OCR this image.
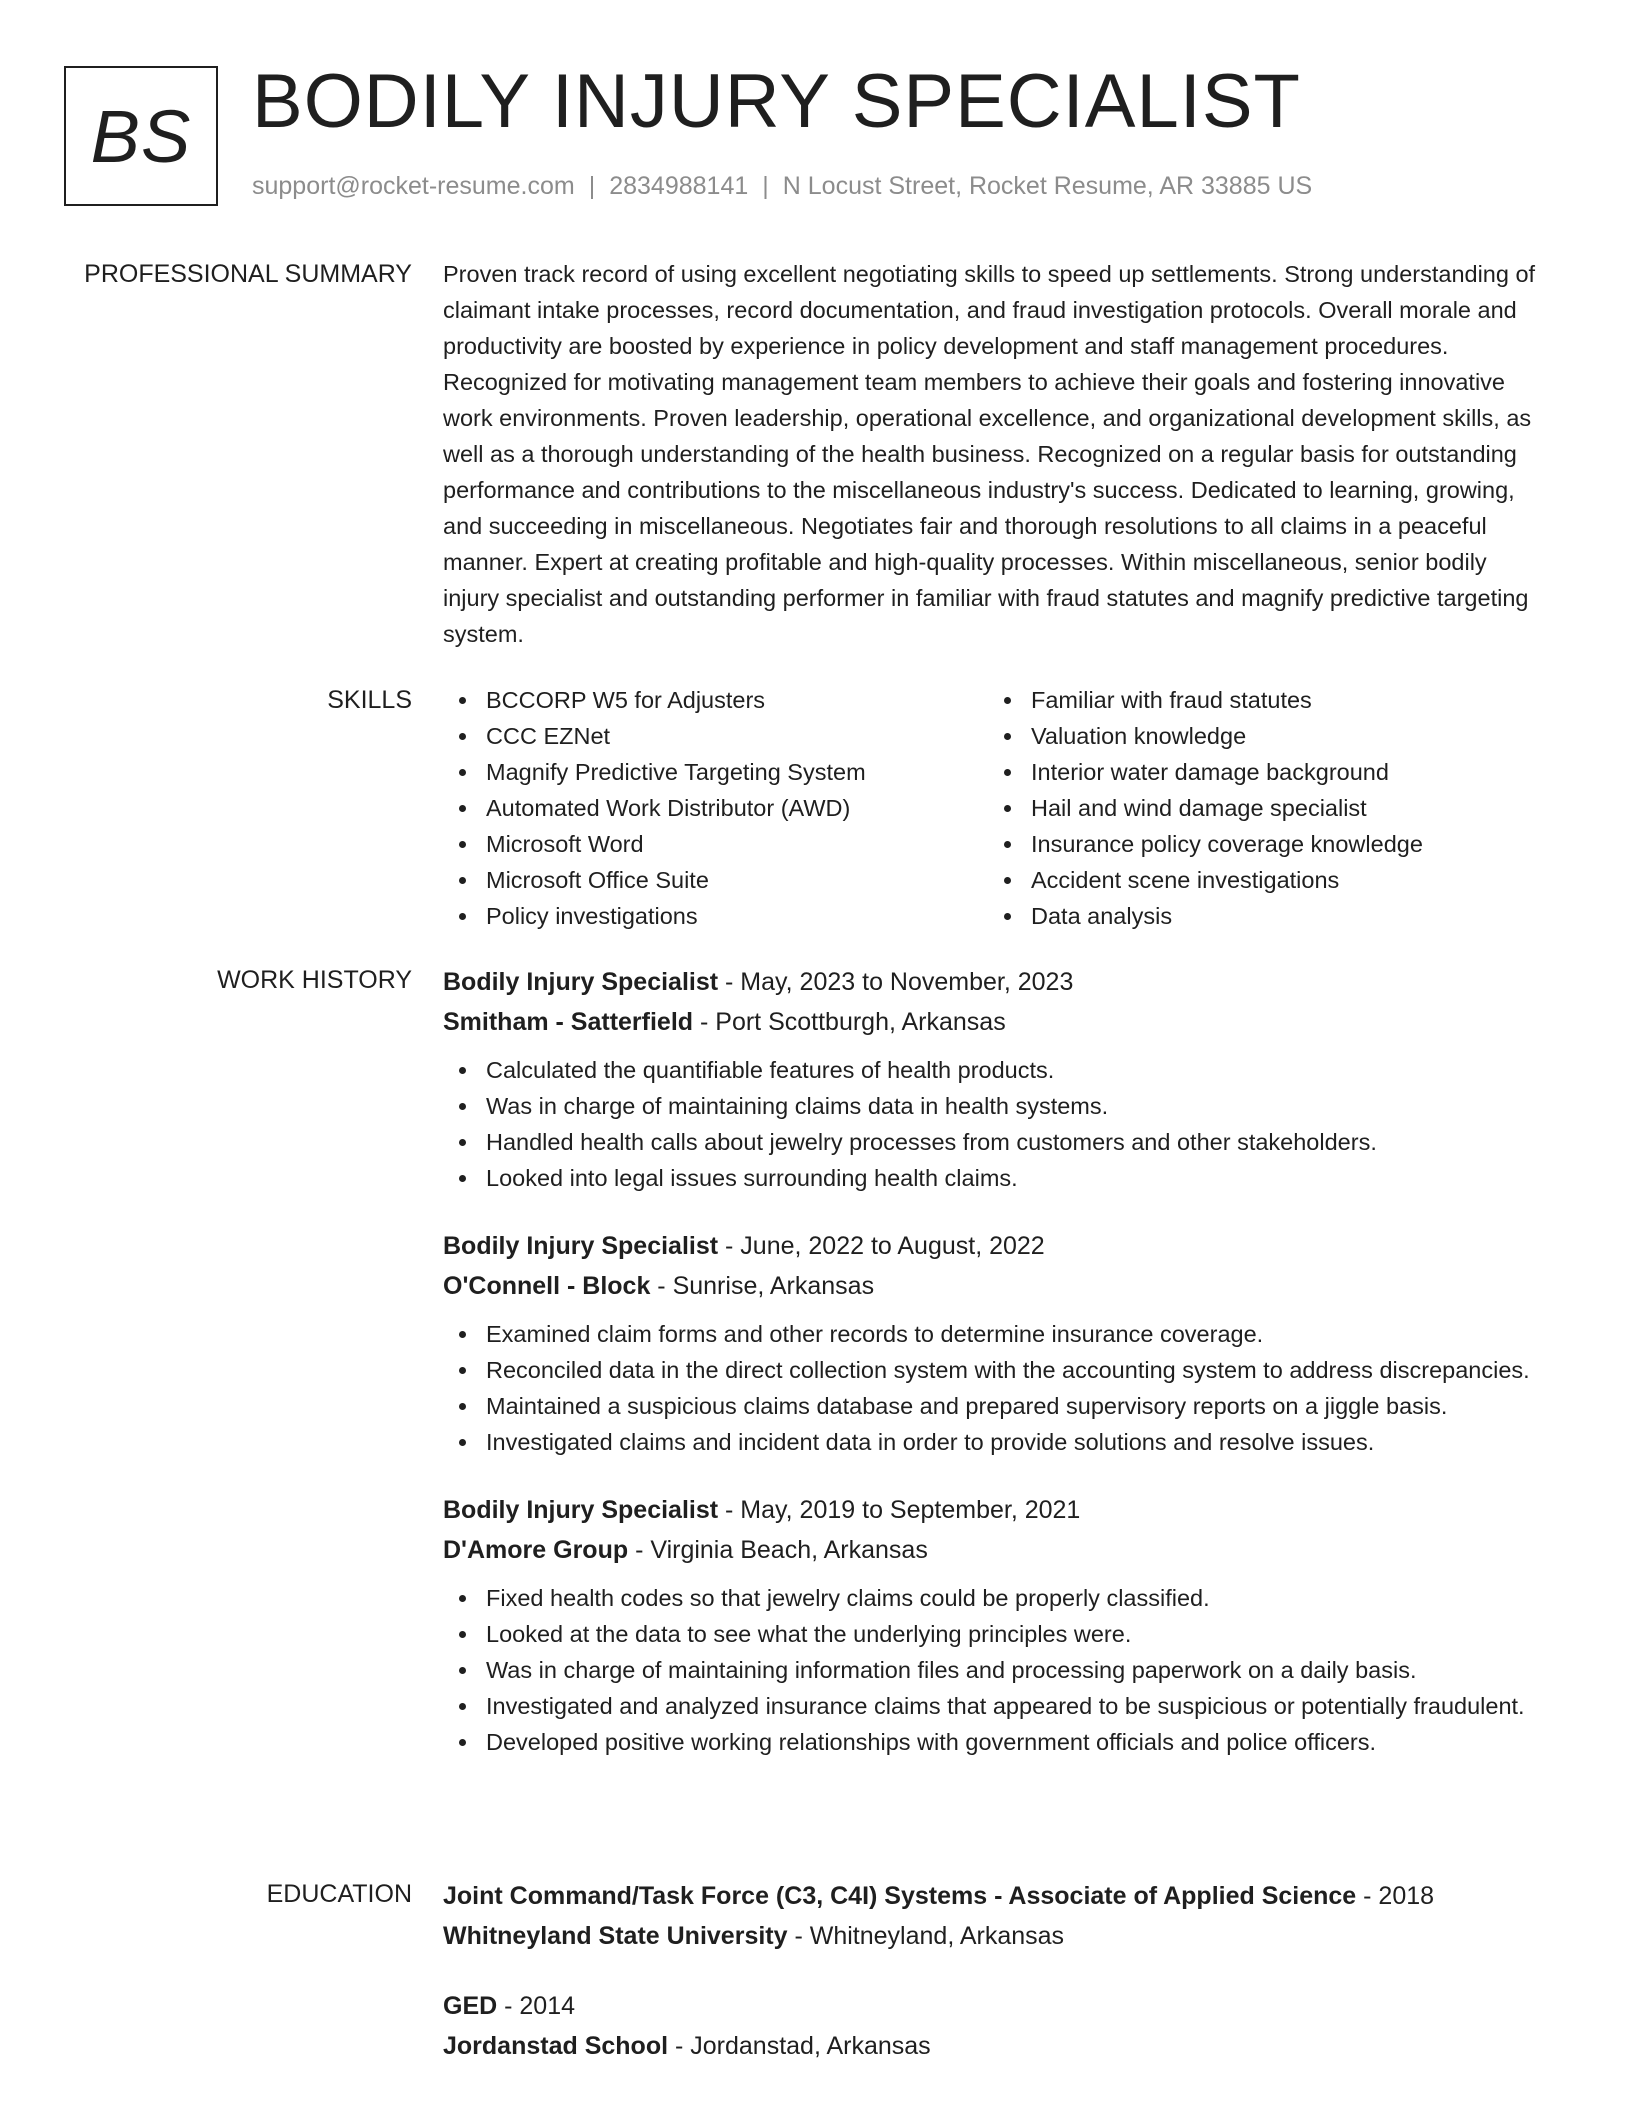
BS BODILY INJURY SPECIALIST
support@rocket-resume.com | 2834988141 | N Locust Street, Rocket Resume, AR 33885 US
PROFESSIONAL SUMMARY Proven track record of using excellent negotiating skills to speed up settlements. Strong understanding of claimant intake processes, record documentation, and fraud investigation protocols. Overall morale and productivity are boosted by experience in policy development and staff management procedures. Recognized for motivating management team members to achieve their goals and fostering innovative work environments. Proven leadership, operational excellence, and organizational development skills, as well as a thorough understanding of the health business. Recognized on a regular basis for outstanding performance and contributions to the miscellaneous industry's success. Dedicated to learning, growing, and succeeding in miscellaneous. Negotiates fair and thorough resolutions to all claims in a peaceful manner. Expert at creating profitable and high-quality processes. Within miscellaneous, senior bodily injury specialist and outstanding performer in familiar with fraud statutes and magnify predictive targeting system.

SKILLS	BCCORP W5 for Adjusters
CCC EZNet
Magnify Predictive Targeting System
Automated Work Distributor (AWD)
Microsoft Word
Microsoft Office Suite
Policy investigations
Familiar with fraud statutes
Valuation knowledge
Interior water damage background
Hail and wind damage specialist
Insurance policy coverage knowledge
Accident scene investigations
Data analysis
WORK HISTORY Bodily Injury Specialist - May, 2023 to November, 2023
Smitham - Satterfield - Port Scottburgh, Arkansas
Calculated the quantifiable features of health products.
Was in charge of maintaining claims data in health systems.
Handled health calls about jewelry processes from customers and other stakeholders.
Looked into legal issues surrounding health claims.
Bodily Injury Specialist - June, 2022 to August, 2022
O'Connell - Block - Sunrise, Arkansas
Examined claim forms and other records to determine insurance coverage.
Reconciled data in the direct collection system with the accounting system to address discrepancies.
Maintained a suspicious claims database and prepared supervisory reports on a jiggle basis.
Investigated claims and incident data in order to provide solutions and resolve issues.
Bodily Injury Specialist - May, 2019 to September, 2021
D'Amore Group - Virginia Beach, Arkansas
Fixed health codes so that jewelry claims could be properly classified.
Looked at the data to see what the underlying principles were.
Was in charge of maintaining information files and processing paperwork on a daily basis.
Investigated and analyzed insurance claims that appeared to be suspicious or potentially fraudulent.
Developed positive working relationships with government officials and police officers.
EDUCATION Joint Command/Task Force (C3, C4I) Systems - Associate of Applied Science - 2018
Whitneyland State University - Whitneyland, Arkansas
GED - 2014
Jordanstad School - Jordanstad, Arkansas
